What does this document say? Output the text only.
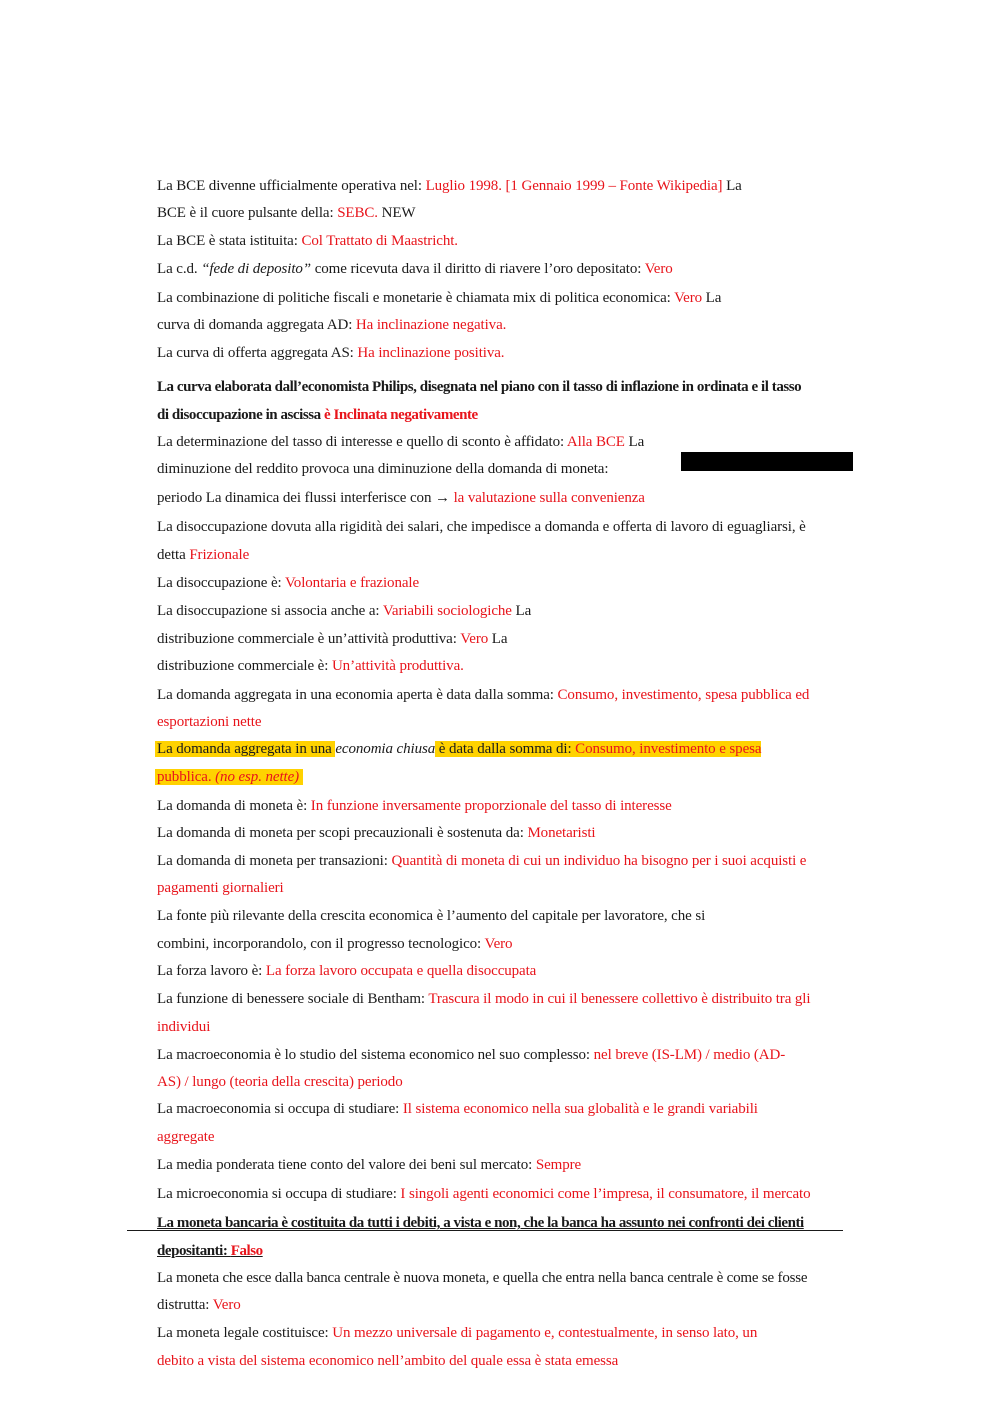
La BCE divenne ufficialmente operativa nel: Luglio 1998. [1 Gennaio 1999 – Fonte Wikipedia] La
BCE è il cuore pulsante della: SEBC. NEW
La BCE è stata istituita: Col Trattato di Maastricht.
La c.d. “fede di deposito” come ricevuta dava il diritto di riavere l’oro depositato: Vero
La combinazione di politiche fiscali e monetarie è chiamata mix di politica economica: Vero La
curva di domanda aggregata AD: Ha inclinazione negativa.
La curva di offerta aggregata AS: Ha inclinazione positiva.
La curva elaborata dall’economista Philips, disegnata nel piano con il tasso di inflazione in ordinata e il tasso
di disoccupazione in ascissa è Inclinata negativamente
La determinazione del tasso di interesse e quello di sconto è affidato: Alla BCE La
diminuzione del reddito provoca una diminuzione della domanda di moneta:
periodo La dinamica dei flussi interferisce con → la valutazione sulla convenienza
La disoccupazione dovuta alla rigidità dei salari, che impedisce a domanda e offerta di lavoro di eguagliarsi, è
detta Frizionale
La disoccupazione è: Volontaria e frazionale
La disoccupazione si associa anche a: Variabili sociologiche La
distribuzione commerciale è un’attività produttiva: Vero La
distribuzione commerciale è: Un’attività produttiva.
La domanda aggregata in una economia aperta è data dalla somma: Consumo, investimento, spesa pubblica ed
esportazioni nette
La domanda aggregata in una economia chiusa è data dalla somma di: Consumo, investimento e spesa
pubblica. (no esp. nette)
La domanda di moneta è: In funzione inversamente proporzionale del tasso di interesse
La domanda di moneta per scopi precauzionali è sostenuta da: Monetaristi
La domanda di moneta per transazioni: Quantità di moneta di cui un individuo ha bisogno per i suoi acquisti e
pagamenti giornalieri
La fonte più rilevante della crescita economica è l’aumento del capitale per lavoratore, che si
combini, incorporandolo, con il progresso tecnologico: Vero
La forza lavoro è: La forza lavoro occupata e quella disoccupata
La funzione di benessere sociale di Bentham: Trascura il modo in cui il benessere collettivo è distribuito tra gli
individui
La macroeconomia è lo studio del sistema economico nel suo complesso: nel breve (IS-LM) / medio (AD-
AS) / lungo (teoria della crescita) periodo
La macroeconomia si occupa di studiare: Il sistema economico nella sua globalità e le grandi variabili
aggregate
La media ponderata tiene conto del valore dei beni sul mercato: Sempre
La microeconomia si occupa di studiare: I singoli agenti economici come l’impresa, il consumatore, il mercato
La moneta bancaria è costituita da tutti i debiti, a vista e non, che la banca ha assunto nei confronti dei clienti
depositanti: Falso
La moneta che esce dalla banca centrale è nuova moneta, e quella che entra nella banca centrale è come se fosse
distrutta: Vero
La moneta legale costituisce: Un mezzo universale di pagamento e, contestualmente, in senso lato, un
debito a vista del sistema economico nell’ambito del quale essa è stata emessa
